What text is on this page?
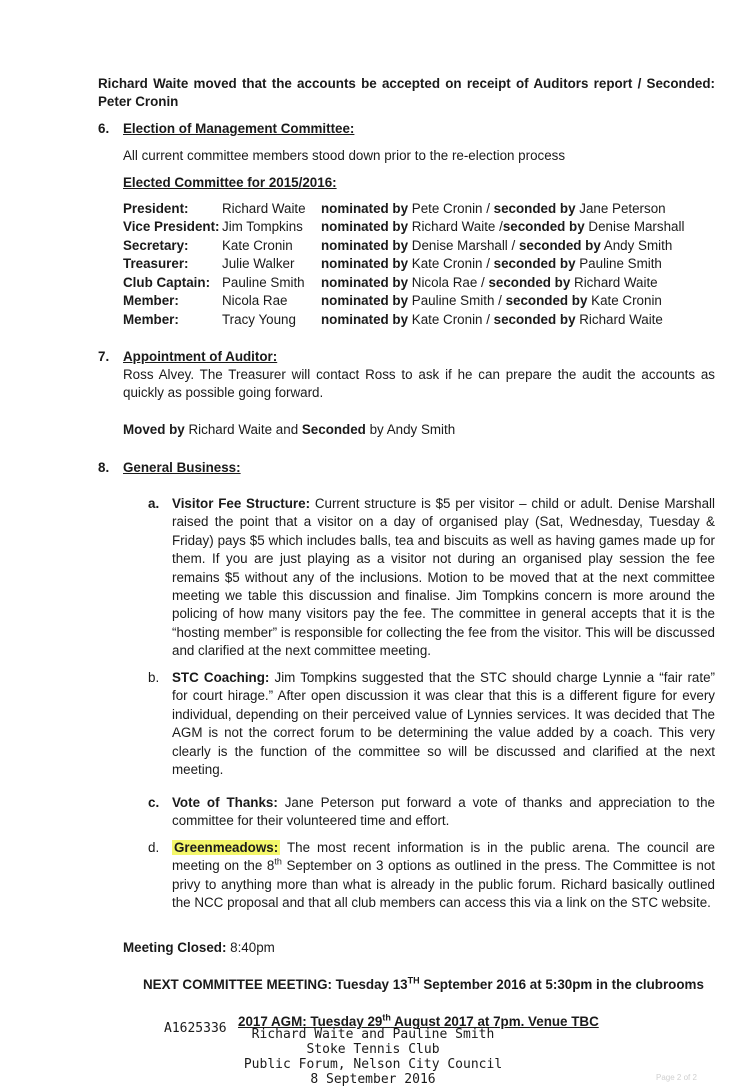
Richard Waite moved that the accounts be accepted on receipt of Auditors report / Seconded: Peter Cronin
6. Election of Management Committee:
All current committee members stood down prior to the re-election process
Elected Committee for 2015/2016:
President:	Richard Waite nominated by Pete Cronin / seconded by Jane Peterson
Vice President: Jim Tompkins nominated by Richard Waite /seconded by Denise Marshall
Secretary: Kate Cronin nominated by Denise Marshall / seconded by Andy Smith
Treasurer: Julie Walker nominated by Kate Cronin / seconded by Pauline Smith
Club Captain: Pauline Smith nominated by Nicola Rae / seconded by Richard Waite
Member:	Nicola Rae	nominated by Pauline Smith / seconded by Kate Cronin
Member:	Tracy Young nominated by Kate Cronin / seconded by Richard Waite
7. Appointment of Auditor:
Ross Alvey. The Treasurer will contact Ross to ask if he can prepare the audit the accounts as quickly as possible going forward.
Moved by Richard Waite and Seconded by Andy Smith
8. General Business:
a. Visitor Fee Structure: Current structure is $5 per visitor – child or adult. Denise Marshall raised the point that a visitor on a day of organised play (Sat, Wednesday, Tuesday & Friday) pays $5 which includes balls, tea and biscuits as well as having games made up for them. If you are just playing as a visitor not during an organised play session the fee remains $5 without any of the inclusions. Motion to be moved that at the next committee meeting we table this discussion and finalise. Jim Tompkins concern is more around the policing of how many visitors pay the fee. The committee in general accepts that it is the “hosting member” is responsible for collecting the fee from the visitor. This will be discussed and clarified at the next committee meeting.
b. STC Coaching: Jim Tompkins suggested that the STC should charge Lynnie a “fair rate” for court hirage.” After open discussion it was clear that this is a different figure for every individual, depending on their perceived value of Lynnies services. It was decided that The AGM is not the correct forum to be determining the value added by a coach. This very clearly is the function of the committee so will be discussed and clarified at the next meeting.
c. Vote of Thanks: Jane Peterson put forward a vote of thanks and appreciation to the committee for their volunteered time and effort.
d. Greenmeadows: The most recent information is in the public arena. The council are meeting on the 8th September on 3 options as outlined in the press. The Committee is not privy to anything more than what is already in the public forum. Richard basically outlined the NCC proposal and that all club members can access this via a link on the STC website.
Meeting Closed: 8:40pm
NEXT COMMITTEE MEETING: Tuesday 13TH September 2016 at 5:30pm in the clubrooms
2017 AGM: Tuesday 29th August 2017 at 7pm. Venue TBC
A1625336	Richard Waite and Pauline Smith
Stoke Tennis Club
Public Forum, Nelson City Council
8 September 2016	Page 2 of 2
